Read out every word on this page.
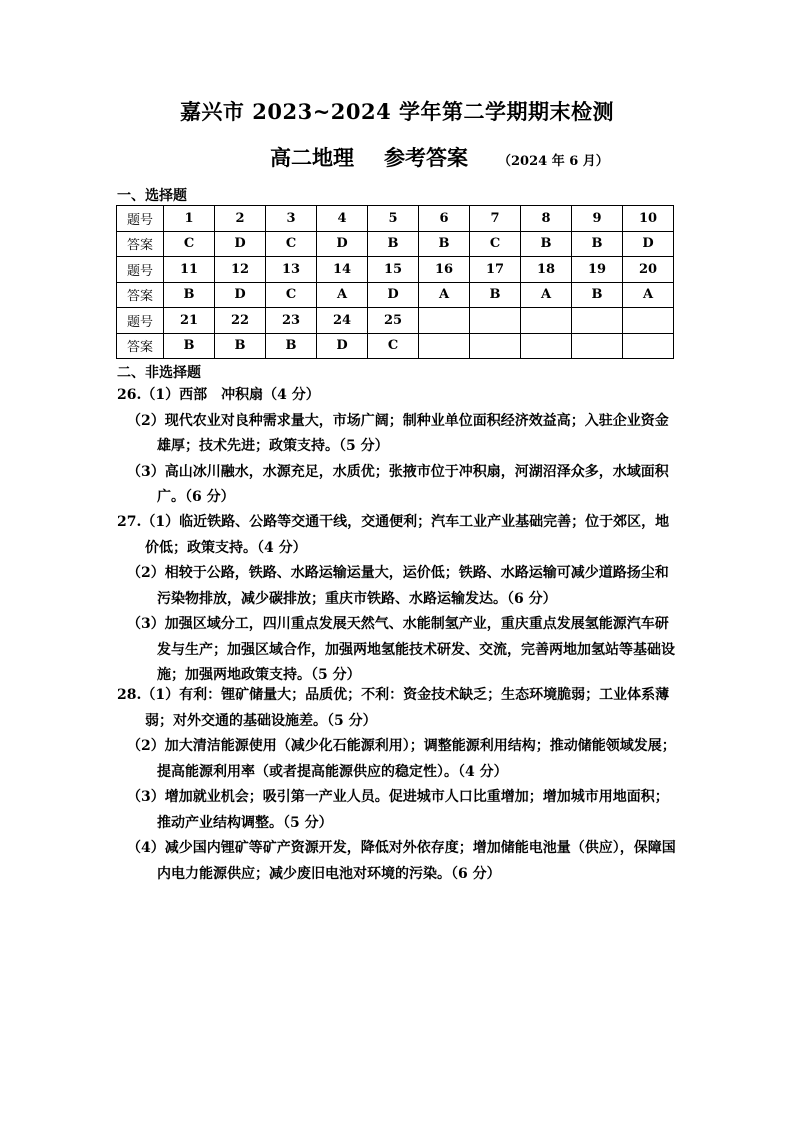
嘉兴市 2023~2024 学年第二学期期末检测
高二地理 参考答案 （2024 年 6 月）
一、选择题
题号	1	2	3	4	5	6	7	8	9	10
答案	C	D	C	D	B	B	C	B	B	D
题号	11	12	13	14	15	16	17	18	19	20
答案	B	D	C	A	D	A	B	A	B	A
题号	21	22	23	24	25					
答案	B	B	B	D	C					
二、非选择题

26.（1）西部　冲积扇（4 分）

（2）现代农业对良种需求量大，市场广阔；制种业单位面积经济效益高；入驻企业资金雄厚；技术先进；政策支持。（5 分）

（3）高山冰川融水，水源充足，水质优；张掖市位于冲积扇，河湖沼泽众多，水域面积广。（6 分）

27.（1）临近铁路、公路等交通干线，交通便利；汽车工业产业基础完善；位于郊区，地价低；政策支持。（4 分）

（2）相较于公路，铁路、水路运输运量大，运价低；铁路、水路运输可减少道路扬尘和污染物排放，减少碳排放；重庆市铁路、水路运输发达。（6 分）

（3）加强区域分工，四川重点发展天然气、水能制氢产业，重庆重点发展氢能源汽车研发与生产；加强区域合作，加强两地氢能技术研发、交流，完善两地加氢站等基础设施；加强两地政策支持。（5 分）

28.（1）有利：锂矿储量大；品质优；不利：资金技术缺乏；生态环境脆弱；工业体系薄弱；对外交通的基础设施差。（5 分）

（2）加大清洁能源使用（减少化石能源利用）；调整能源利用结构；推动储能领域发展；提高能源利用率（或者提高能源供应的稳定性）。（4 分）

（3）增加就业机会；吸引第一产业人员。促进城市人口比重增加；增加城市用地面积；推动产业结构调整。（5 分）

（4）减少国内锂矿等矿产资源开发，降低对外依存度；增加储能电池量（供应），保障国内电力能源供应；减少废旧电池对环境的污染。（6 分）
